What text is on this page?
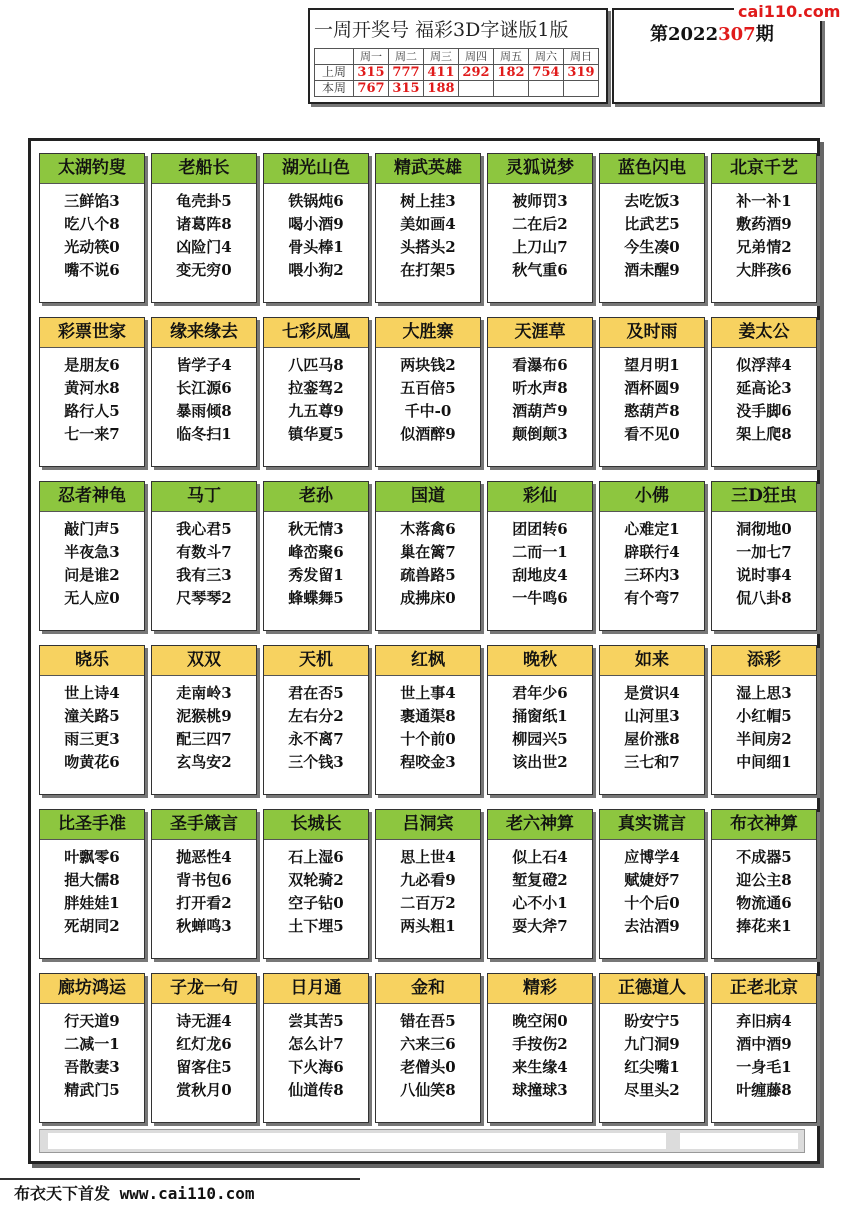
一周开奖号 福彩3D字谜版1版
	周一	周二	周三	周四	周五	周六	周日
上周	315	777	411	292	182	754	319
本周	767	315	188				
第2022307期
cai110.com
太湖钓叟
三鲜馅3
吃八个8
光动筷0
嘴不说6
老船长
龟壳卦5
诸葛阵8
凶险门4
变无穷0
湖光山色
铁锅炖6
喝小酒9
骨头棒1
喂小狗2
精武英雄
树上挂3
美如画4
头搭头2
在打架5
灵狐说梦
被师罚3
二在后2
上刀山7
秋气重6
蓝色闪电
去吃饭3
比武艺5
今生凑0
酒未醒9
北京千艺
补一补1
敷药酒9
兄弟情2
大胖孩6
彩票世家
是朋友6
黄河水8
路行人5
七一来7
缘来缘去
皆学子4
长江源6
暴雨倾8
临冬扫1
七彩凤凰
八匹马8
拉銮驾2
九五尊9
镇华夏5
大胜寨
两块钱2
五百倍5
千中-0
似酒醉9
天涯草
看瀑布6
听水声8
酒葫芦9
颠倒颠3
及时雨
望月明1
酒杯圆9
憨葫芦8
看不见0
姜太公
似浮萍4
延高论3
没手脚6
架上爬8
忍者神龟
敲门声5
半夜急3
问是谁2
无人应0
马丁
我心君5
有数斗7
我有三3
尺琴琴2
老孙
秋无情3
峰峦聚6
秀发留1
蜂蝶舞5
国道
木落禽6
巢在篱7
疏兽路5
成拂床0
彩仙
团团转6
二而一1
刮地皮4
一牛鸣6
小佛
心难定1
辟联行4
三环内3
有个弯7
三D狂虫
洞彻地0
一加七7
说时事4
侃八卦8
晓乐
世上诗4
潼关路5
雨三更3
吻黄花6
双双
走南岭3
泥猴桃9
配三四7
玄鸟安2
天机
君在否5
左右分2
永不离7
三个钱3
红枫
世上事4
裹通渠8
十个前0
程咬金3
晚秋
君年少6
捅窗纸1
柳园兴5
该出世2
如来
是赏识4
山河里3
屋价涨8
三七和7
添彩
湿上思3
小红帽5
半间房2
中间细1
比圣手准
叶飘零6
挹大儒8
胖娃娃1
死胡同2
圣手箴言
抛恶性4
背书包6
打开看2
秋蝉鸣3
长城长
石上湿6
双轮骑2
空子钻0
土下埋5
吕洞宾
思上世4
九必看9
二百万2
两头粗1
老六神算
似上石4
堑复磴2
心不小1
耍大斧7
真实谎言
应博学4
赋婕妤7
十个后0
去沽酒9
布衣神算
不成器5
迎公主8
物流通6
捧花来1
廊坊鸿运
行天道9
二减一1
吾散妻3
精武门5
子龙一句
诗无涯4
红灯龙6
留客住5
赏秋月0
日月通
尝其苦5
怎么计7
下火海6
仙道传8
金和
错在吾5
六来三6
老僧头0
八仙笑8
精彩
晚空闲0
手按伤2
来生缘4
球撞球3
正德道人
盼安宁5
九门洞9
红尖嘴1
尽里头2
正老北京
弃旧病4
酒中酒9
一身毛1
叶缠藤8
布衣天下首发 www.cai110.com
